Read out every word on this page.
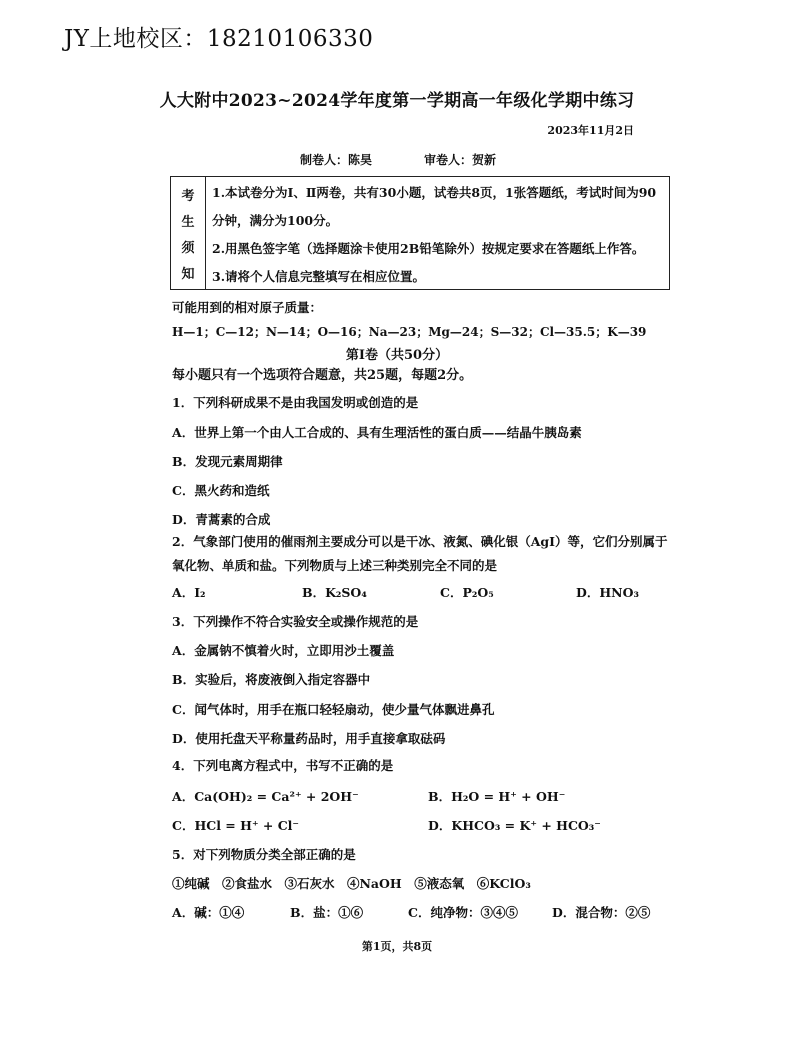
JY上地校区：18210106330
人大附中2023~2024学年度第一学期高一年级化学期中练习
2023年11月2日
制卷人：陈昊	审卷人：贺新
考
生
须
知
1.本试卷分为Ⅰ、Ⅱ两卷，共有30小题，试卷共8页，1张答题纸，考试时间为90
分钟，满分为100分。
2.用黑色签字笔（选择题涂卡使用2B铅笔除外）按规定要求在答题纸上作答。
3.请将个人信息完整填写在相应位置。
可能用到的相对原子质量：
H—1；C—12；N—14；O—16；Na—23；Mg—24；S—32；Cl—35.5；K—39
第Ⅰ卷（共50分）
每小题只有一个选项符合题意，共25题，每题2分。
1．下列科研成果不是由我国发明或创造的是
A．世界上第一个由人工合成的、具有生理活性的蛋白质——结晶牛胰岛素
B．发现元素周期律
C．黑火药和造纸
D．青蒿素的合成
2．气象部门使用的催雨剂主要成分可以是干冰、液氮、碘化银（AgI）等，它们分别属于
氧化物、单质和盐。下列物质与上述三种类别完全不同的是
A．I₂	B．K₂SO₄	C．P₂O₅	D．HNO₃
3．下列操作不符合实验安全或操作规范的是
A．金属钠不慎着火时，立即用沙土覆盖
B．实验后，将废液倒入指定容器中
C．闻气体时，用手在瓶口轻轻扇动，使少量气体飘进鼻孔
D．使用托盘天平称量药品时，用手直接拿取砝码
4．下列电离方程式中，书写不正确的是
A．Ca(OH)₂ = Ca²⁺ + 2OH⁻	B．H₂O = H⁺ + OH⁻
C．HCl = H⁺ + Cl⁻	D．KHCO₃ = K⁺ + HCO₃⁻
5．对下列物质分类全部正确的是
①纯碱　②食盐水　③石灰水　④NaOH　⑤液态氧　⑥KClO₃
A．碱：①④	B．盐：①⑥	C．纯净物：③④⑤	D．混合物：②⑤
第1页，共8页
